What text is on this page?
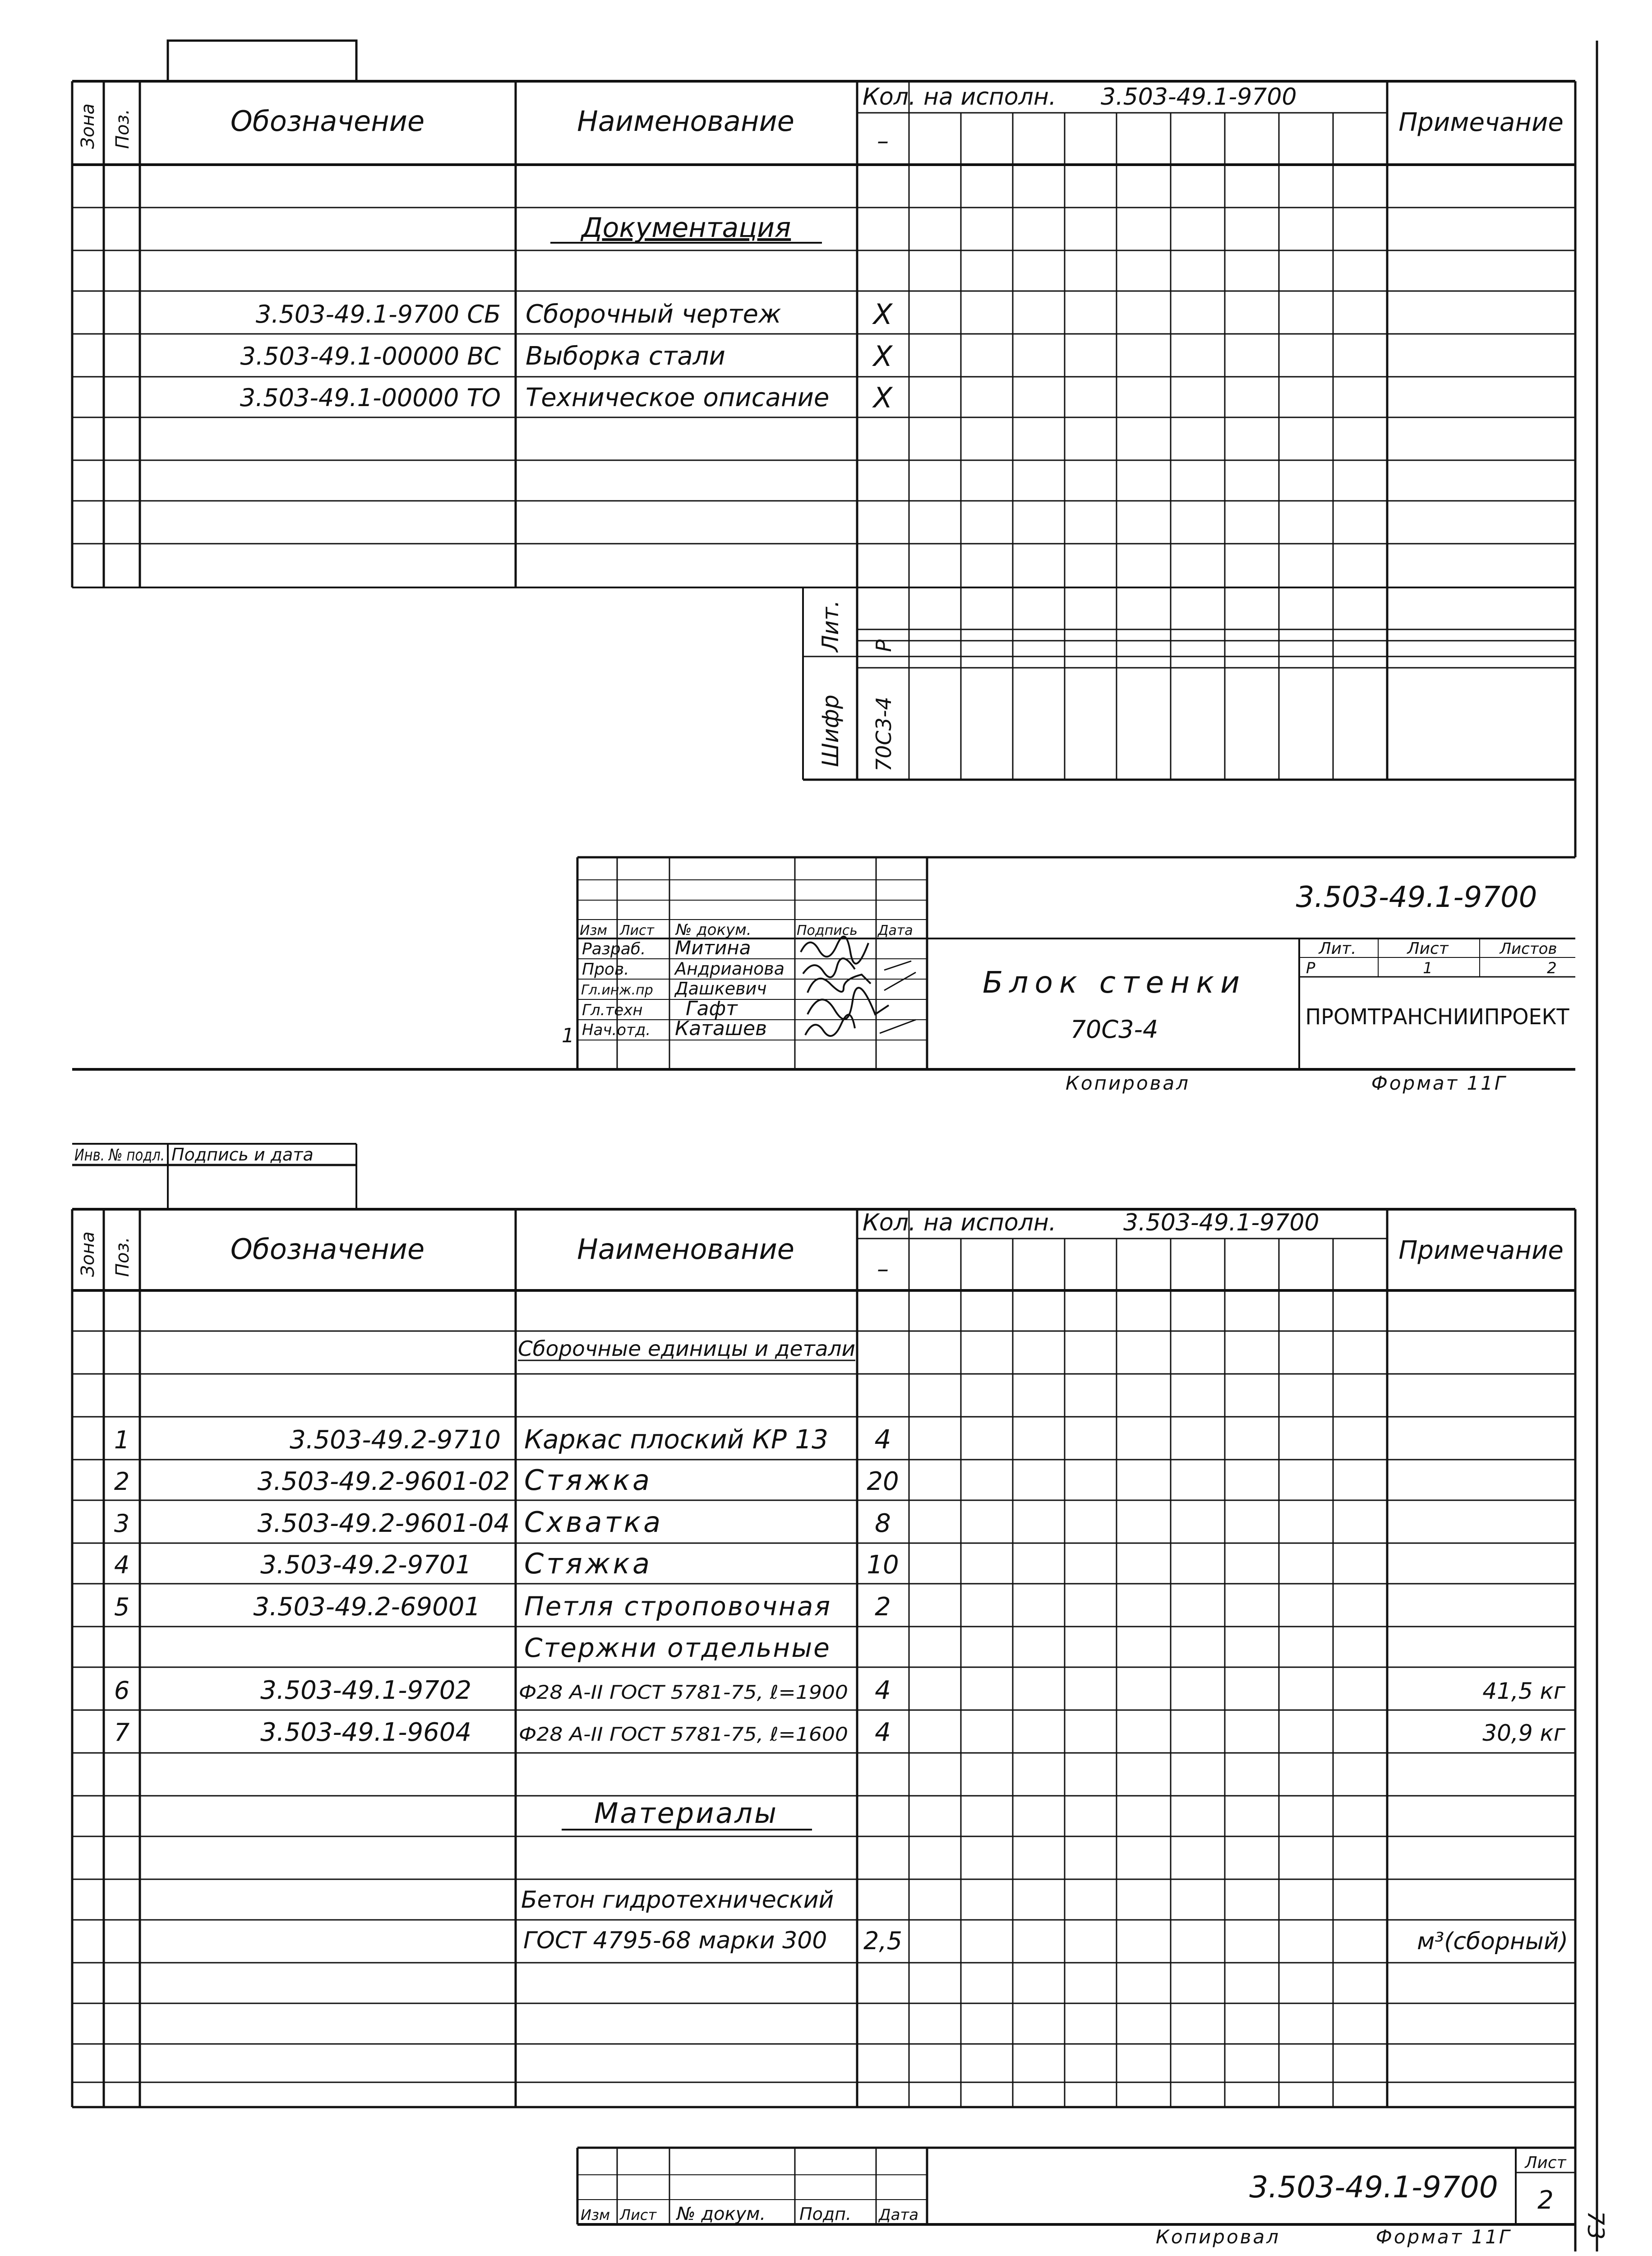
Зона Поз.	Обозначение	Наименование
Кол. на исполн. 3.503-49.1-9700
–
Примечание
Документация
3.503-49.1-9700 СБ Сборочный чертеж	X
3.503-49.1-00000 ВС Выборка стали	X
3.503-49.1-00000 ТО Техническое описание X
Лит. Р
Шифр 70С3-4
3.503-49.1-9700
Изм Лист № докум.	Подпись Дата
Разраб. Митина
Пров.	Андрианова
Гл.инж.пр Дашкевич
Гл.техн Гафт
Нач.отд. Каташев
1
Блок стенки
70С3-4
Лит.	Лист	Листов
Р	1	2
ПРОМТРАНСНИИПРОЕКТ
Копировал	Формат 11Г
Инв. № подл. Подпись и дата
Зона Поз.	Обозначение	Наименование
Кол. на исполн.	3.503-49.1-9700
–
Примечание
Сборочные единицы и детали
1	3.503-49.2-9710 Каркас плоский КР 13 4
2	3.503-49.2-9601-02 Стяжка	20
3	3.503-49.2-9601-04 Схватка	8
4	3.503-49.2-9701 Стяжка	10
5	3.503-49.2-69001 Петля строповочная 2
Стержни отдельные
6	3.503-49.1-9702	Ф28 А-II ГОСТ 5781-75, ℓ=1900 4	41,5 кг
7	3.503-49.1-9604	Ф28 А-II ГОСТ 5781-75, ℓ=1600 4	30,9 кг
Материалы
Бетон гидротехнический
ГОСТ 4795-68 марки 300 2,5	м³(сборный)
3.503-49.1-9700
Лист
2
Изм Лист № докум. Подп. Дата
Копировал	Формат 11Г	73
